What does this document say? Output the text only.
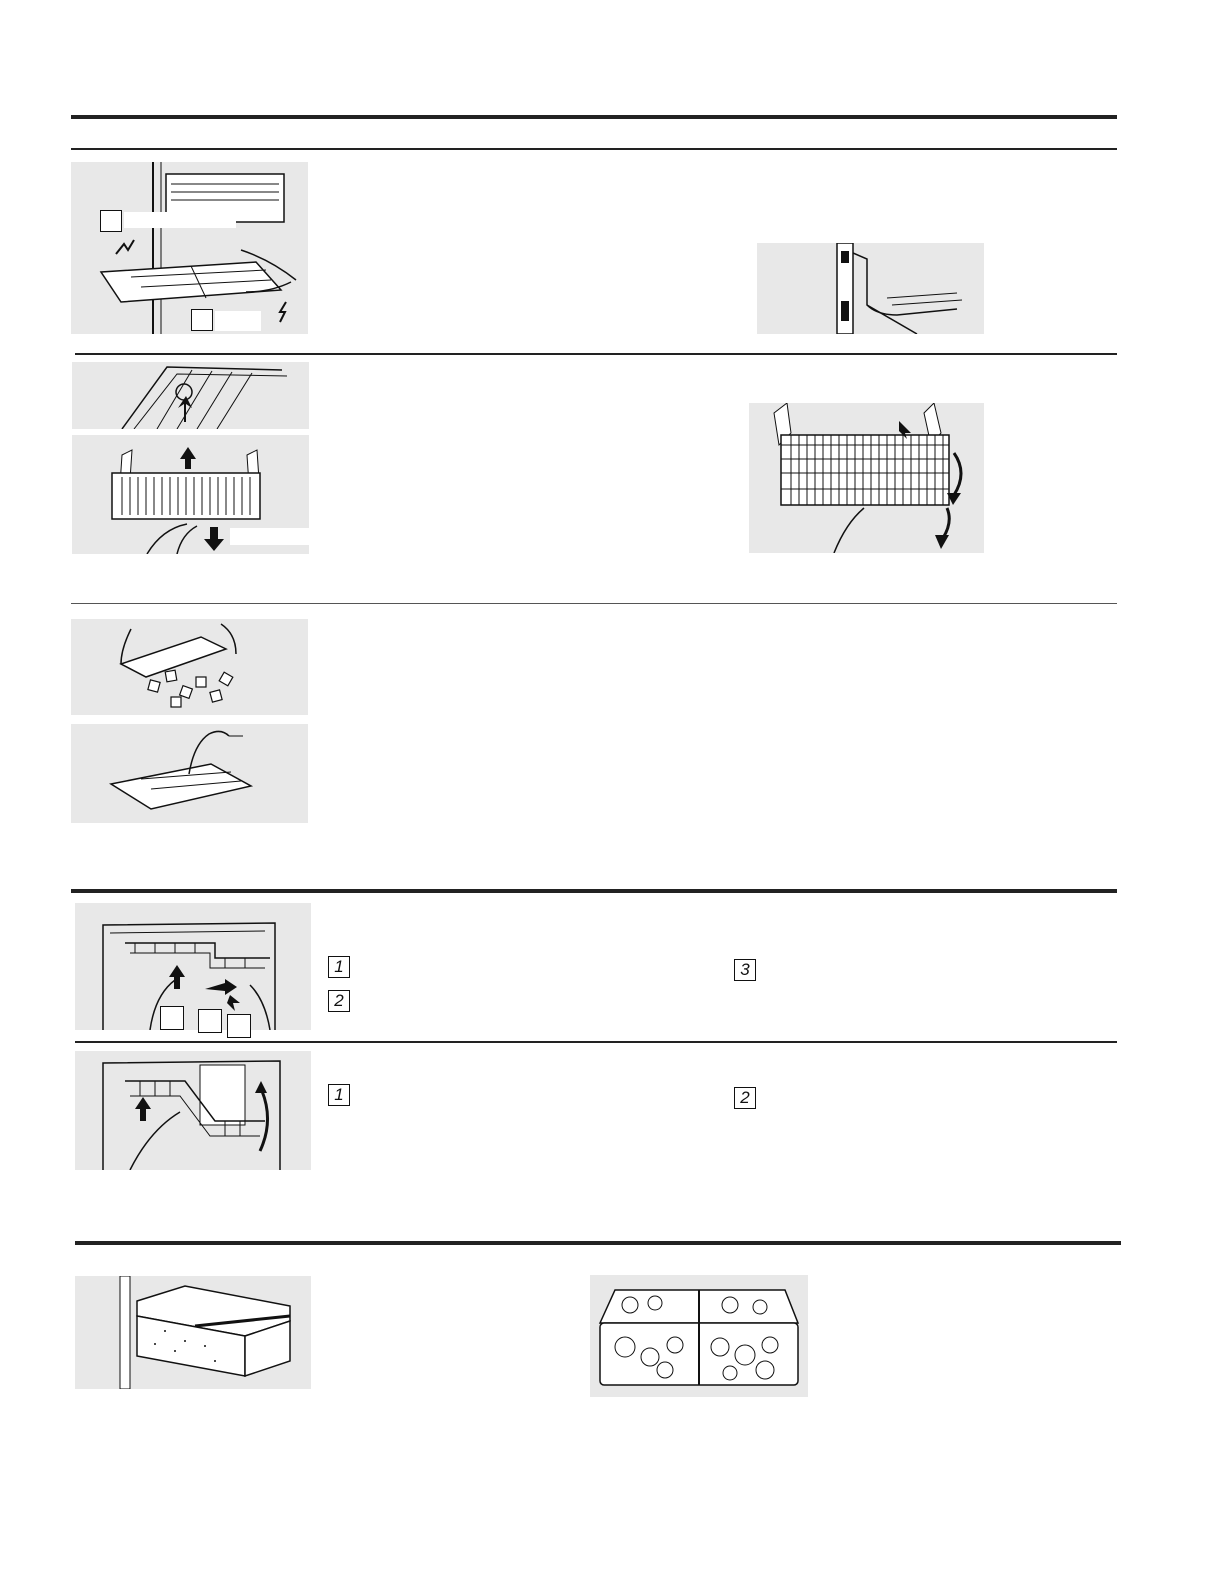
1
2
3
1	2
